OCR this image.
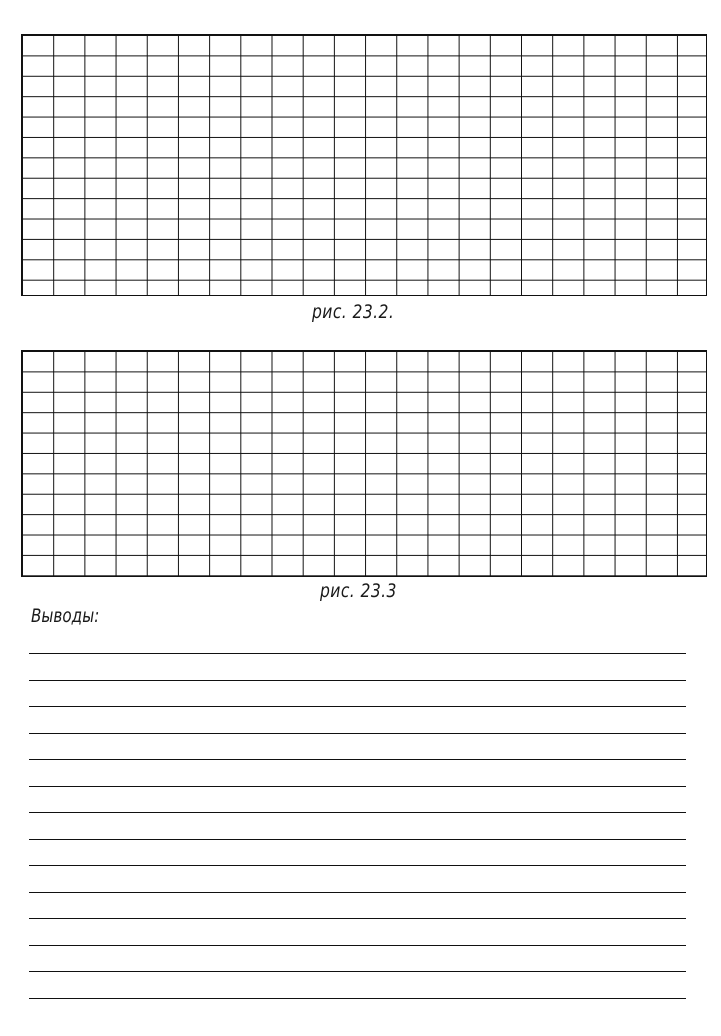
рис. 23.2.
рис. 23.3
Выводы:
